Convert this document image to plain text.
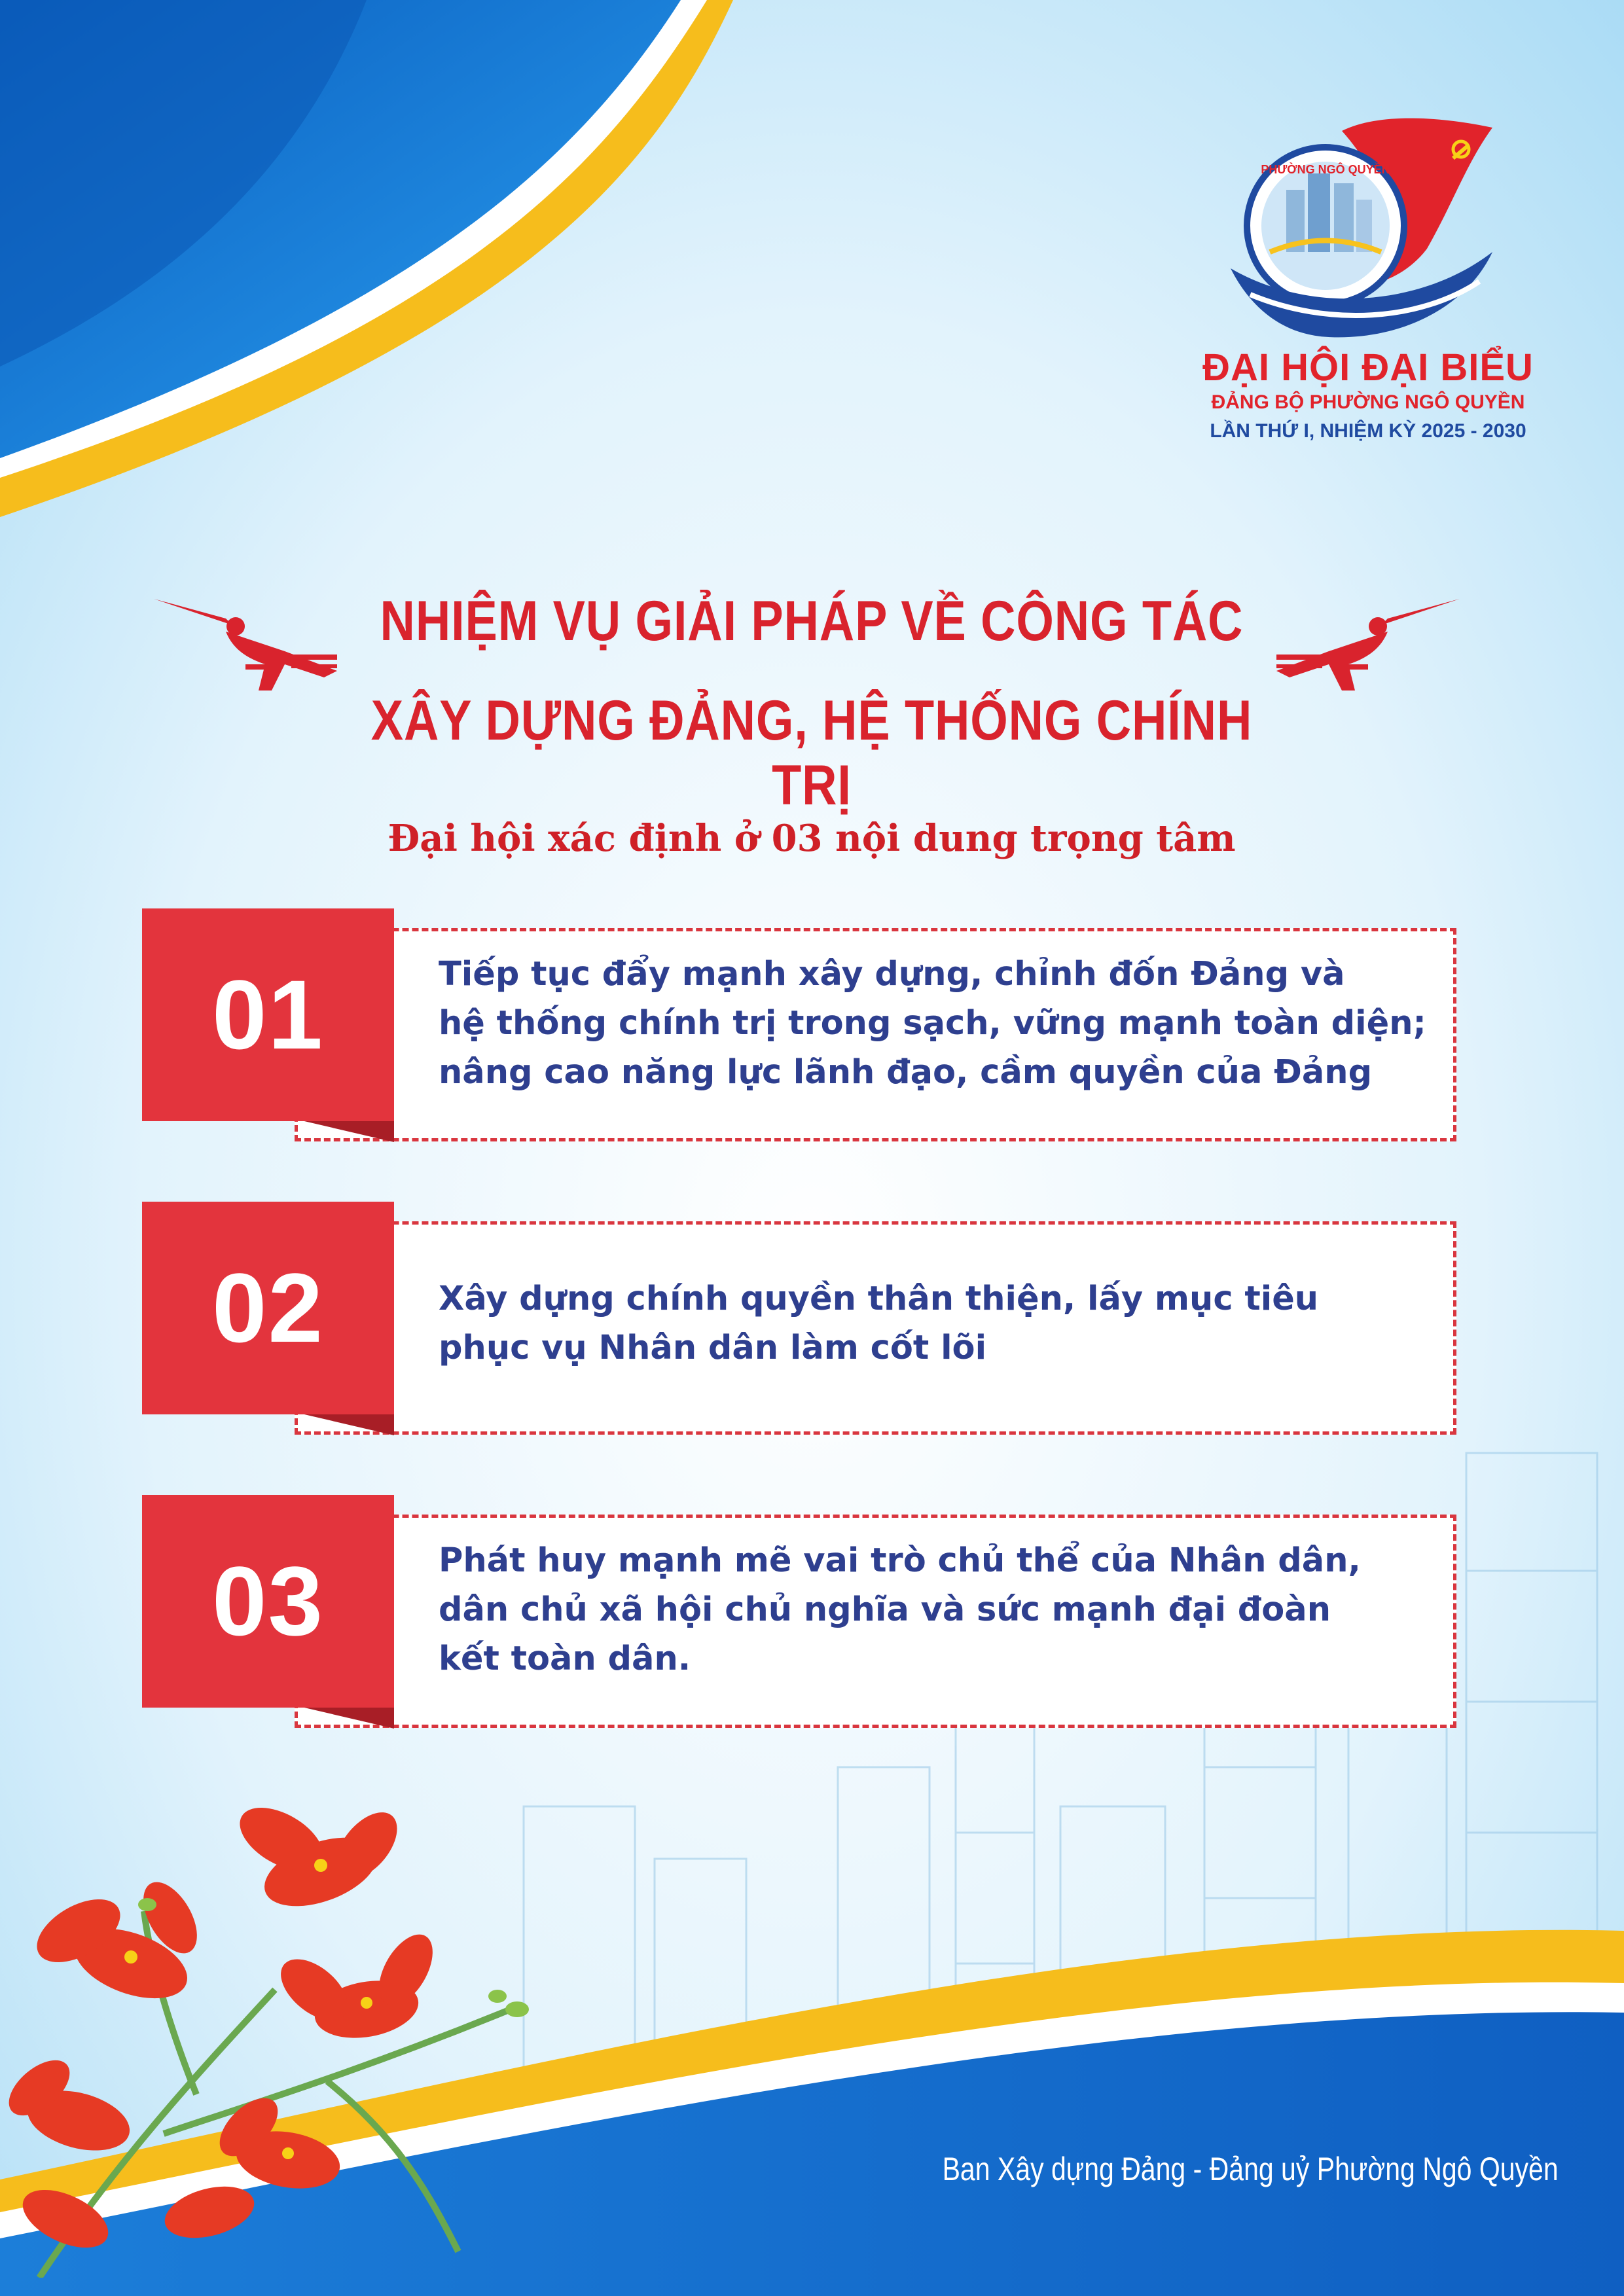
PHƯỜNG NGÔ QUYỀN
ĐẠI HỘI ĐẠI BIỂU
ĐẢNG BỘ PHƯỜNG NGÔ QUYỀN
LẦN THỨ I, NHIỆM KỲ 2025 - 2030
NHIỆM VỤ GIẢI PHÁP VỀ CÔNG TÁC
XÂY DỰNG ĐẢNG, HỆ THỐNG CHÍNH TRỊ
Đại hội xác định ở 03 nội dung trọng tâm
Tiếp tục đẩy mạnh xây dựng, chỉnh đốn Đảng và
hệ thống chính trị trong sạch, vững mạnh toàn diện;
nâng cao năng lực lãnh đạo, cầm quyền của Đảng
01
Xây dựng chính quyền thân thiện, lấy mục tiêu
phục vụ Nhân dân làm cốt lõi
02
Phát huy mạnh mẽ vai trò chủ thể của Nhân dân,
dân chủ xã hội chủ nghĩa và sức mạnh đại đoàn
kết toàn dân.
03
Ban Xây dựng Đảng - Đảng uỷ Phường Ngô Quyền
